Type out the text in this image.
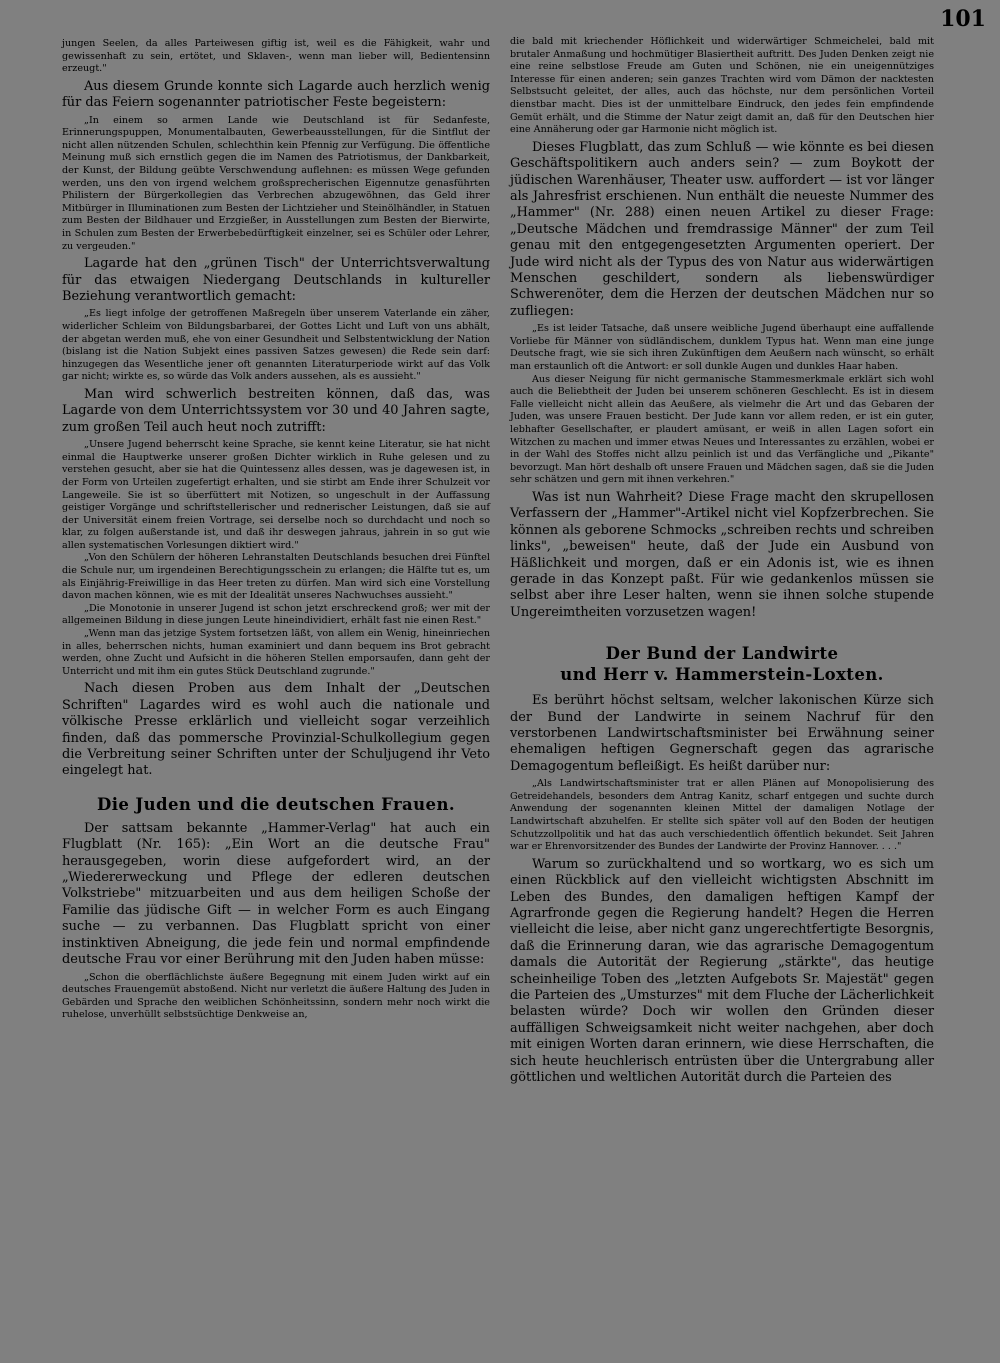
101

jungen Seelen, da alles Parteiwesen giftig ist, weil es die Fähigkeit, wahr und gewissenhaft zu sein, ertötet, und Sklaven-, wenn man lieber will, Bedientensinn erzeugt."

Aus diesem Grunde konnte sich Lagarde auch herzlich wenig für das Feiern sogenannter patriotischer Feste begeistern:

„In einem so armen Lande wie Deutschland ist für Sedanfeste, Erinnerungspuppen, Monumentalbauten, Gewerbeausstellungen, für die Sintflut der nicht allen nützenden Schulen, schlechthin kein Pfennig zur Verfügung. Die öffentliche Meinung muß sich ernstlich gegen die im Namen des Patriotismus, der Dankbarkeit, der Kunst, der Bildung geübte Verschwendung auflehnen: es müssen Wege gefunden werden, uns den von irgend welchem großsprecherischen Eigennutze genasführten Philistern der Bürgerkollegien das Verbrechen abzugewöhnen, das Geld ihrer Mitbürger in Illuminationen zum Besten der Lichtzieher und Steinölhändler, in Statuen zum Besten der Bildhauer und Erzgießer, in Ausstellungen zum Besten der Bierwirte, in Schulen zum Besten der Erwerbebedürftigkeit einzelner, sei es Schüler oder Lehrer, zu vergeuden."

Lagarde hat den „grünen Tisch" der Unterrichtsverwaltung für das etwaigen Niedergang Deutschlands in kultureller Beziehung verantwortlich gemacht:

„Es liegt infolge der getroffenen Maßregeln über unserem Vaterlande ein zäher, widerlicher Schleim von Bildungsbarbarei, der Gottes Licht und Luft von uns abhält, der abgetan werden muß, ehe von einer Gesundheit und Selbstentwicklung der Nation (bislang ist die Nation Subjekt eines passiven Satzes gewesen) die Rede sein darf: hinzugegen das Wesentliche jener oft genannten Literaturperiode wirkt auf das Volk gar nicht; wirkte es, so würde das Volk anders aussehen, als es aussieht."

Man wird schwerlich bestreiten können, daß das, was Lagarde von dem Unterrichtssystem vor 30 und 40 Jahren sagte, zum großen Teil auch heut noch zutrifft:

„Unsere Jugend beherrscht keine Sprache, sie kennt keine Literatur, sie hat nicht einmal die Hauptwerke unserer großen Dichter wirklich in Ruhe gelesen und zu verstehen gesucht, aber sie hat die Quintessenz alles dessen, was je dagewesen ist, in der Form von Urteilen zugefertigt erhalten, und sie stirbt am Ende ihrer Schulzeit vor Langeweile. Sie ist so überfüttert mit Notizen, so ungeschult in der Auffassung geistiger Vorgänge und schriftstellerischer und rednerischer Leistungen, daß sie auf der Universität einem freien Vortrage, sei derselbe noch so durchdacht und noch so klar, zu folgen außerstande ist, und daß ihr deswegen jahraus, jahrein in so gut wie allen systematischen Vorlesungen diktiert wird."

„Von den Schülern der höheren Lehranstalten Deutschlands besuchen drei Fünftel die Schule nur, um irgendeinen Berechtigungsschein zu erlangen; die Hälfte tut es, um als Einjährig-Freiwillige in das Heer treten zu dürfen. Man wird sich eine Vorstellung davon machen können, wie es mit der Idealität unseres Nachwuchses aussieht."

„Die Monotonie in unserer Jugend ist schon jetzt erschreckend groß; wer mit der allgemeinen Bildung in diese jungen Leute hineindividiert, erhält fast nie einen Rest."

„Wenn man das jetzige System fortsetzen läßt, von allem ein Wenig, hineinriechen in alles, beherrschen nichts, human examiniert und dann bequem ins Brot gebracht werden, ohne Zucht und Aufsicht in die höheren Stellen emporsaufen, dann geht der Unterricht und mit ihm ein gutes Stück Deutschland zugrunde."

Nach diesen Proben aus dem Inhalt der „Deutschen Schriften" Lagardes wird es wohl auch die nationale und völkische Presse erklärlich und vielleicht sogar verzeihlich finden, daß das pommersche Provinzial-Schulkollegium gegen die Verbreitung seiner Schriften unter der Schuljugend ihr Veto eingelegt hat.

Die Juden und die deutschen Frauen.

Der sattsam bekannte „Hammer-Verlag" hat auch ein Flugblatt (Nr. 165): „Ein Wort an die deutsche Frau" herausgegeben, worin diese aufgefordert wird, an der „Wiedererweckung und Pflege der edleren deutschen Volkstriebe" mitzuarbeiten und aus dem heiligen Schoße der Familie das jüdische Gift — in welcher Form es auch Eingang suche — zu verbannen. Das Flugblatt spricht von einer instinktiven Abneigung, die jede fein und normal empfindende deutsche Frau vor einer Berührung mit den Juden haben müsse:

„Schon die oberflächlichste äußere Begegnung mit einem Juden wirkt auf ein deutsches Frauengemüt abstoßend. Nicht nur verletzt die äußere Haltung des Juden in Gebärden und Sprache den weiblichen Schönheitssinn, sondern mehr noch wirkt die ruhelose, unverhüllt selbstsüchtige Denkweise an,

die bald mit kriechender Höflichkeit und widerwärtiger Schmeichelei, bald mit brutaler Anmaßung und hochmütiger Blasiertheit auftritt. Des Juden Denken zeigt nie eine reine selbstlose Freude am Guten und Schönen, nie ein uneigennütziges Interesse für einen anderen; sein ganzes Trachten wird vom Dämon der nacktesten Selbstsucht geleitet, der alles, auch das höchste, nur dem persönlichen Vorteil dienstbar macht. Dies ist der unmittelbare Eindruck, den jedes fein empfindende Gemüt erhält, und die Stimme der Natur zeigt damit an, daß für den Deutschen hier eine Annäherung oder gar Harmonie nicht möglich ist.

Dieses Flugblatt, das zum Schluß — wie könnte es bei diesen Geschäftspolitikern auch anders sein? — zum Boykott der jüdischen Warenhäuser, Theater usw. auffordert — ist vor länger als Jahresfrist erschienen. Nun enthält die neueste Nummer des „Hammer" (Nr. 288) einen neuen Artikel zu dieser Frage: „Deutsche Mädchen und fremdrassige Männer" der zum Teil genau mit den entgegengesetzten Argumenten operiert. Der Jude wird nicht als der Typus des von Natur aus widerwärtigen Menschen geschildert, sondern als liebenswürdiger Schwerenöter, dem die Herzen der deutschen Mädchen nur so zufliegen:

„Es ist leider Tatsache, daß unsere weibliche Jugend überhaupt eine auffallende Vorliebe für Männer von südländischem, dunklem Typus hat. Wenn man eine junge Deutsche fragt, wie sie sich ihren Zukünftigen dem Aeußern nach wünscht, so erhält man erstaunlich oft die Antwort: er soll dunkle Augen und dunkles Haar haben.

Aus dieser Neigung für nicht germanische Stammesmerkmale erklärt sich wohl auch die Beliebtheit der Juden bei unserem schöneren Geschlecht. Es ist in diesem Falle vielleicht nicht allein das Aeußere, als vielmehr die Art und das Gebaren der Juden, was unsere Frauen besticht. Der Jude kann vor allem reden, er ist ein guter, lebhafter Gesellschafter, er plaudert amüsant, er weiß in allen Lagen sofort ein Witzchen zu machen und immer etwas Neues und Interessantes zu erzählen, wobei er in der Wahl des Stoffes nicht allzu peinlich ist und das Verfängliche und „Pikante" bevorzugt. Man hört deshalb oft unsere Frauen und Mädchen sagen, daß sie die Juden sehr schätzen und gern mit ihnen verkehren."

Was ist nun Wahrheit? Diese Frage macht den skrupellosen Verfassern der „Hammer"-Artikel nicht viel Kopfzerbrechen. Sie können als geborene Schmocks „schreiben rechts und schreiben links", „beweisen" heute, daß der Jude ein Ausbund von Häßlichkeit und morgen, daß er ein Adonis ist, wie es ihnen gerade in das Konzept paßt. Für wie gedankenlos müssen sie selbst aber ihre Leser halten, wenn sie ihnen solche stupende Ungereimtheiten vorzusetzen wagen!

Der Bund der Landwirte
und Herr v. Hammerstein-Loxten.

Es berührt höchst seltsam, welcher lakonischen Kürze sich der Bund der Landwirte in seinem Nachruf für den verstorbenen Landwirtschaftsminister bei Erwähnung seiner ehemaligen heftigen Gegnerschaft gegen das agrarische Demagogentum befleißigt. Es heißt darüber nur:

„Als Landwirtschaftsminister trat er allen Plänen auf Monopolisierung des Getreidehandels, besonders dem Antrag Kanitz, scharf entgegen und suchte durch Anwendung der sogenannten kleinen Mittel der damaligen Notlage der Landwirtschaft abzuhelfen. Er stellte sich später voll auf den Boden der heutigen Schutzzollpolitik und hat das auch verschiedentlich öffentlich bekundet. Seit Jahren war er Ehrenvorsitzender des Bundes der Landwirte der Provinz Hannover. . . ."

Warum so zurückhaltend und so wortkarg, wo es sich um einen Rückblick auf den vielleicht wichtigsten Abschnitt im Leben des Bundes, den damaligen heftigen Kampf der Agrarfronde gegen die Regierung handelt? Hegen die Herren vielleicht die leise, aber nicht ganz ungerechtfertigte Besorgnis, daß die Erinnerung daran, wie das agrarische Demagogentum damals die Autorität der Regierung „stärkte", das heutige scheinheilige Toben des „letzten Aufgebots Sr. Majestät" gegen die Parteien des „Umsturzes" mit dem Fluche der Lächerlichkeit belasten würde? Doch wir wollen den Gründen dieser auffälligen Schweigsamkeit nicht weiter nachgehen, aber doch mit einigen Worten daran erinnern, wie diese Herrschaften, die sich heute heuchlerisch entrüsten über die Untergrabung aller göttlichen und weltlichen Autorität durch die Parteien des
